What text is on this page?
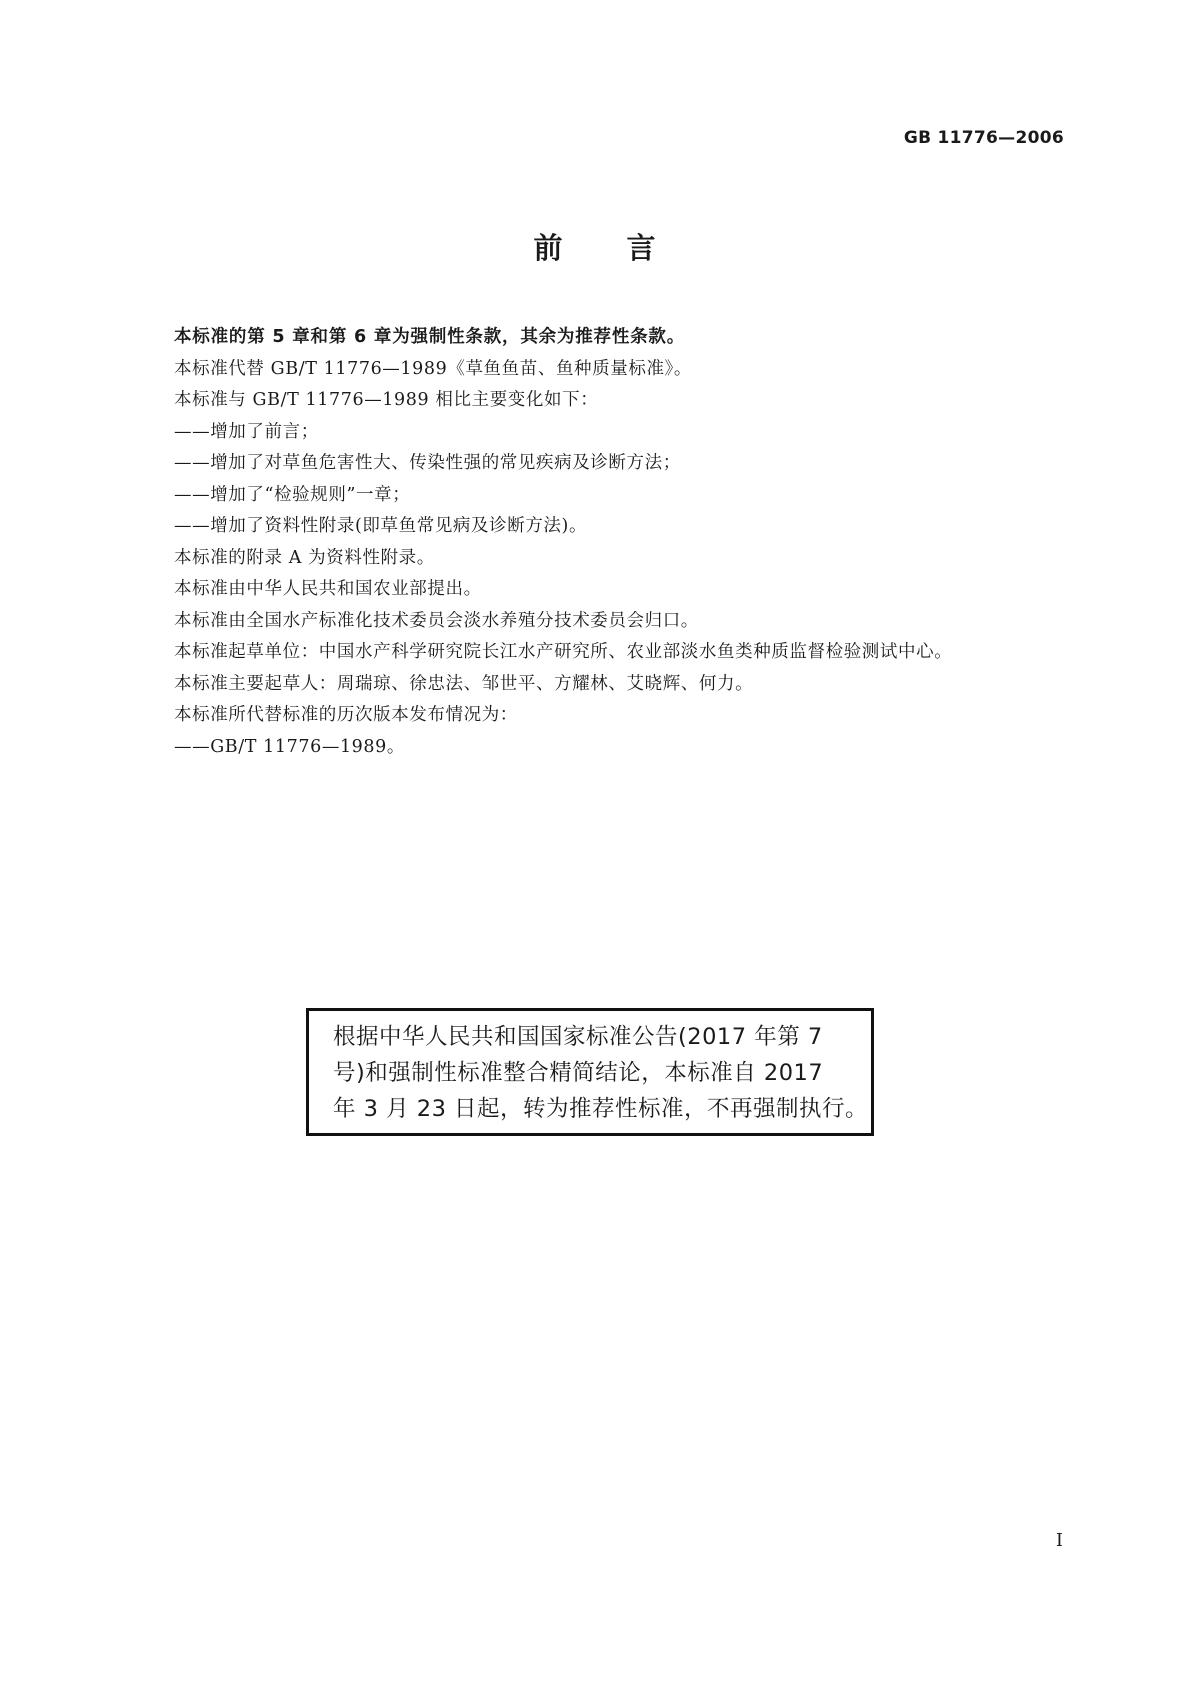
GB 11776—2006
前　　言
本标准的第 5 章和第 6 章为强制性条款，其余为推荐性条款。
本标准代替 GB/T 11776—1989《草鱼鱼苗、鱼种质量标准》。
本标准与 GB/T 11776—1989 相比主要变化如下：
——增加了前言；
——增加了对草鱼危害性大、传染性强的常见疾病及诊断方法；
——增加了“检验规则”一章；
——增加了资料性附录(即草鱼常见病及诊断方法)。
本标准的附录 A 为资料性附录。
本标准由中华人民共和国农业部提出。
本标准由全国水产标准化技术委员会淡水养殖分技术委员会归口。
本标准起草单位：中国水产科学研究院长江水产研究所、农业部淡水鱼类种质监督检验测试中心。
本标准主要起草人：周瑞琼、徐忠法、邹世平、方耀林、艾晓辉、何力。
本标准所代替标准的历次版本发布情况为：
——GB/T 11776—1989。
根据中华人民共和国国家标准公告(2017 年第 7
号)和强制性标准整合精简结论，本标准自 2017
年 3 月 23 日起，转为推荐性标准，不再强制执行。
I
